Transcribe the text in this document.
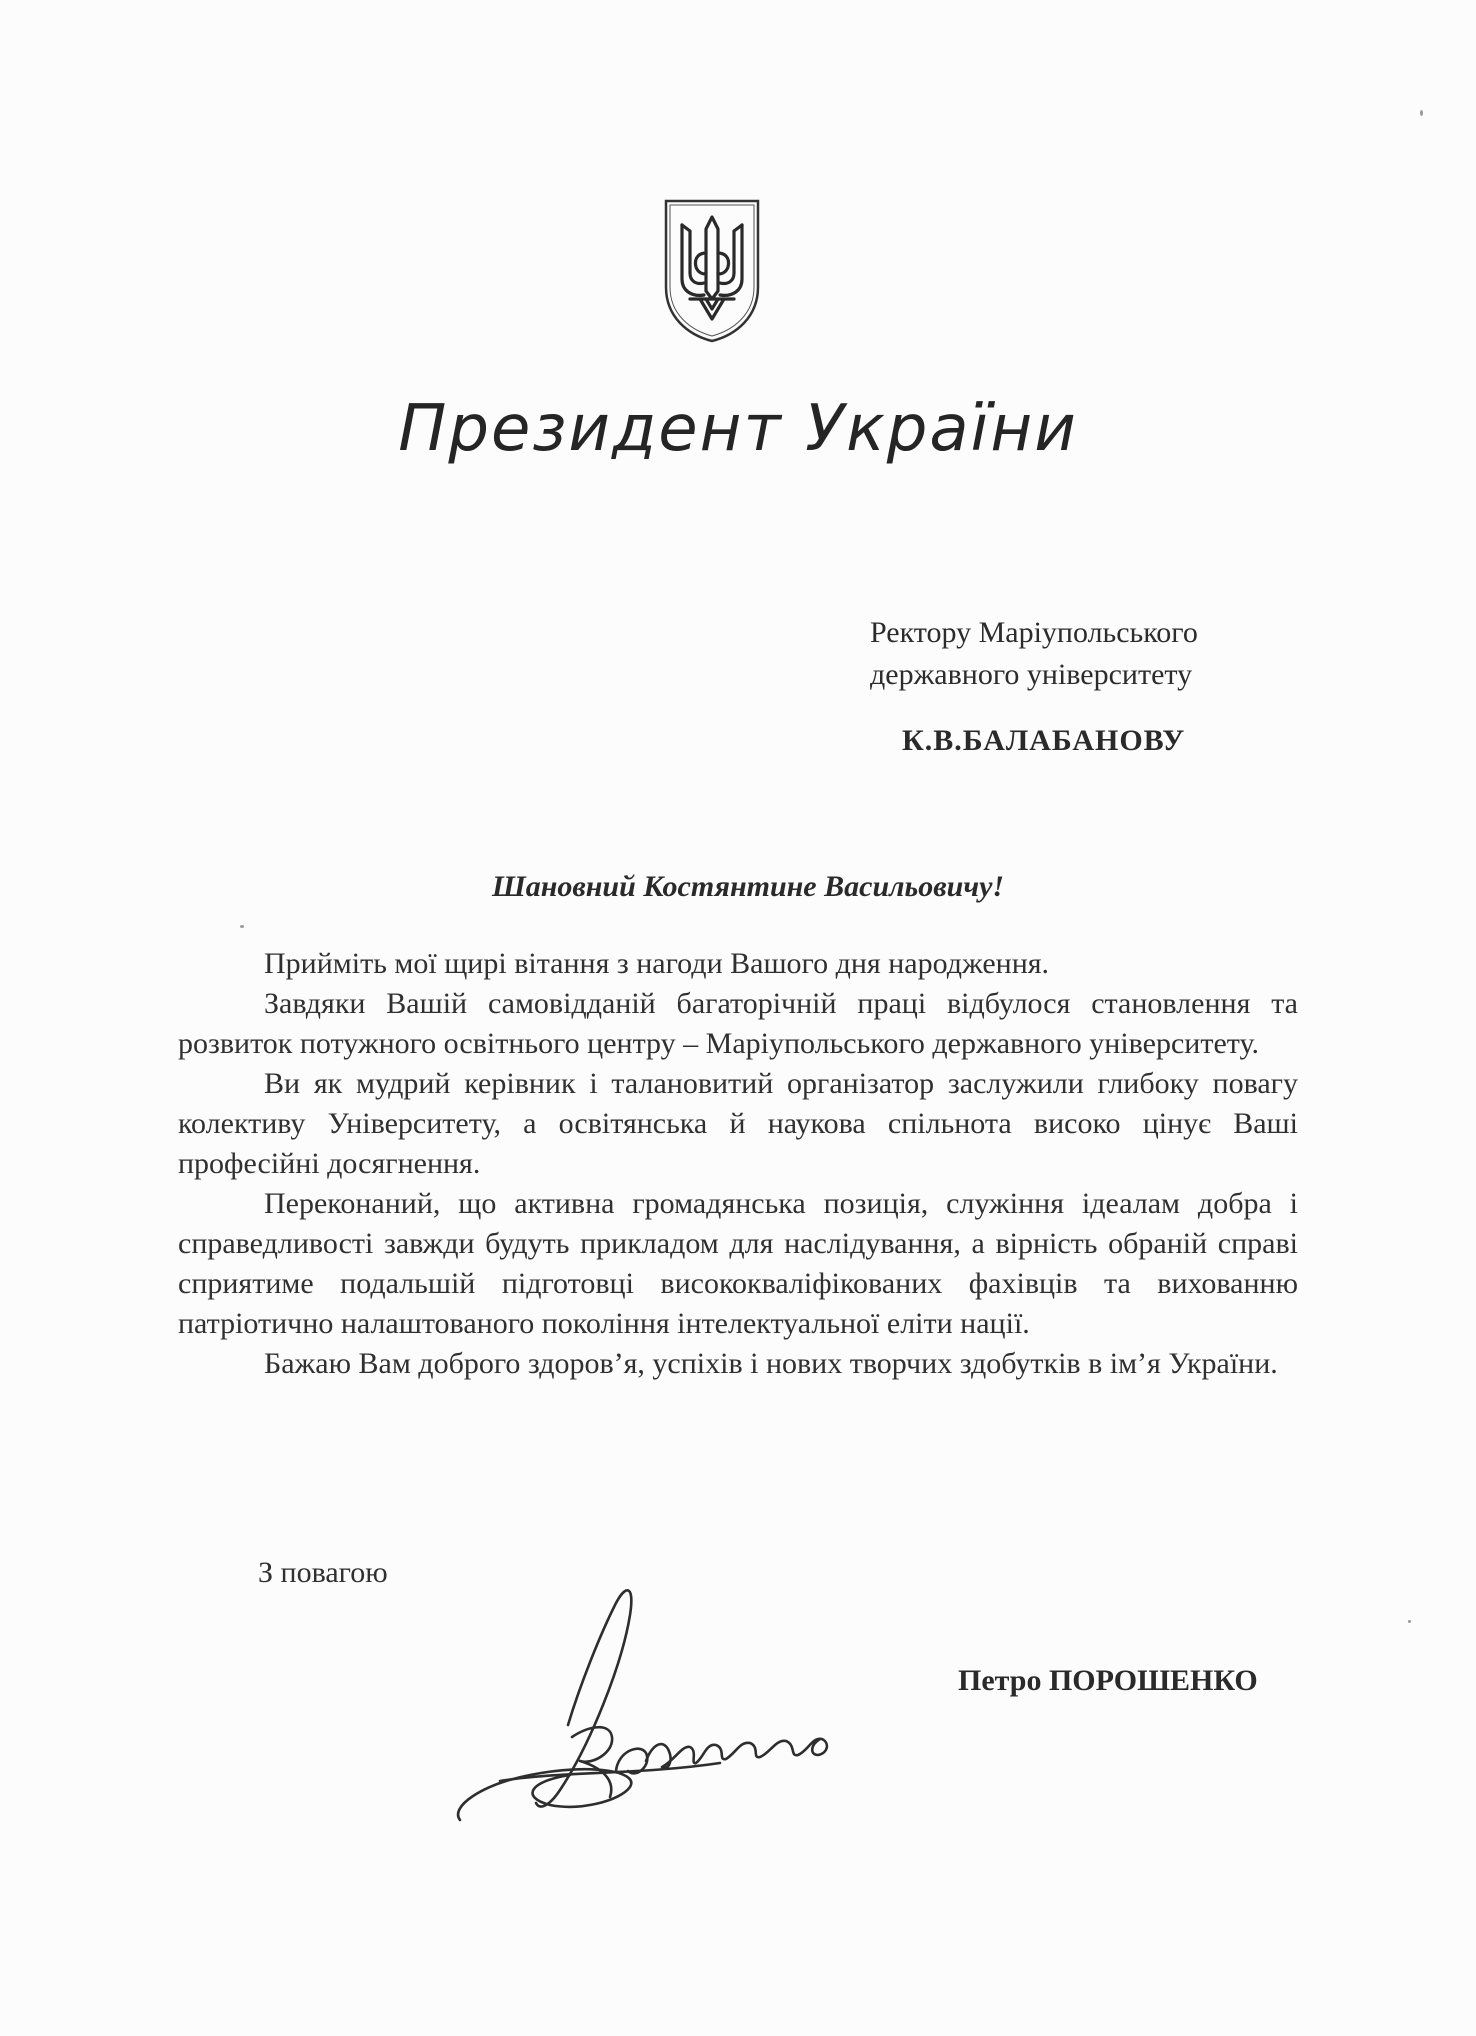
Президент України
Ректору Маріупольського
державного університету
К.В.БАЛАБАНОВУ
Шановний Костянтине Васильовичу!

Прийміть мої щирі вітання з нагоди Вашого дня народження.

Завдяки Вашій самовідданій багаторічній праці відбулося становлення та розвиток потужного освітнього центру – Маріупольського державного університету.

Ви як мудрий керівник і талановитий організатор заслужили глибоку повагу колективу Університету, а освітянська й наукова спільнота високо цінує Ваші професійні досягнення.

Переконаний, що активна громадянська позиція, служіння ідеалам добра і справедливості завжди будуть прикладом для наслідування, а вірність обраній справі сприятиме подальшій підготовці висококваліфікованих фахівців та вихованню патріотично налаштованого покоління інтелектуальної еліти нації.

Бажаю Вам доброго здоров’я, успіхів і нових творчих здобутків в ім’я України.

З повагою
Петро ПОРОШЕНКО
